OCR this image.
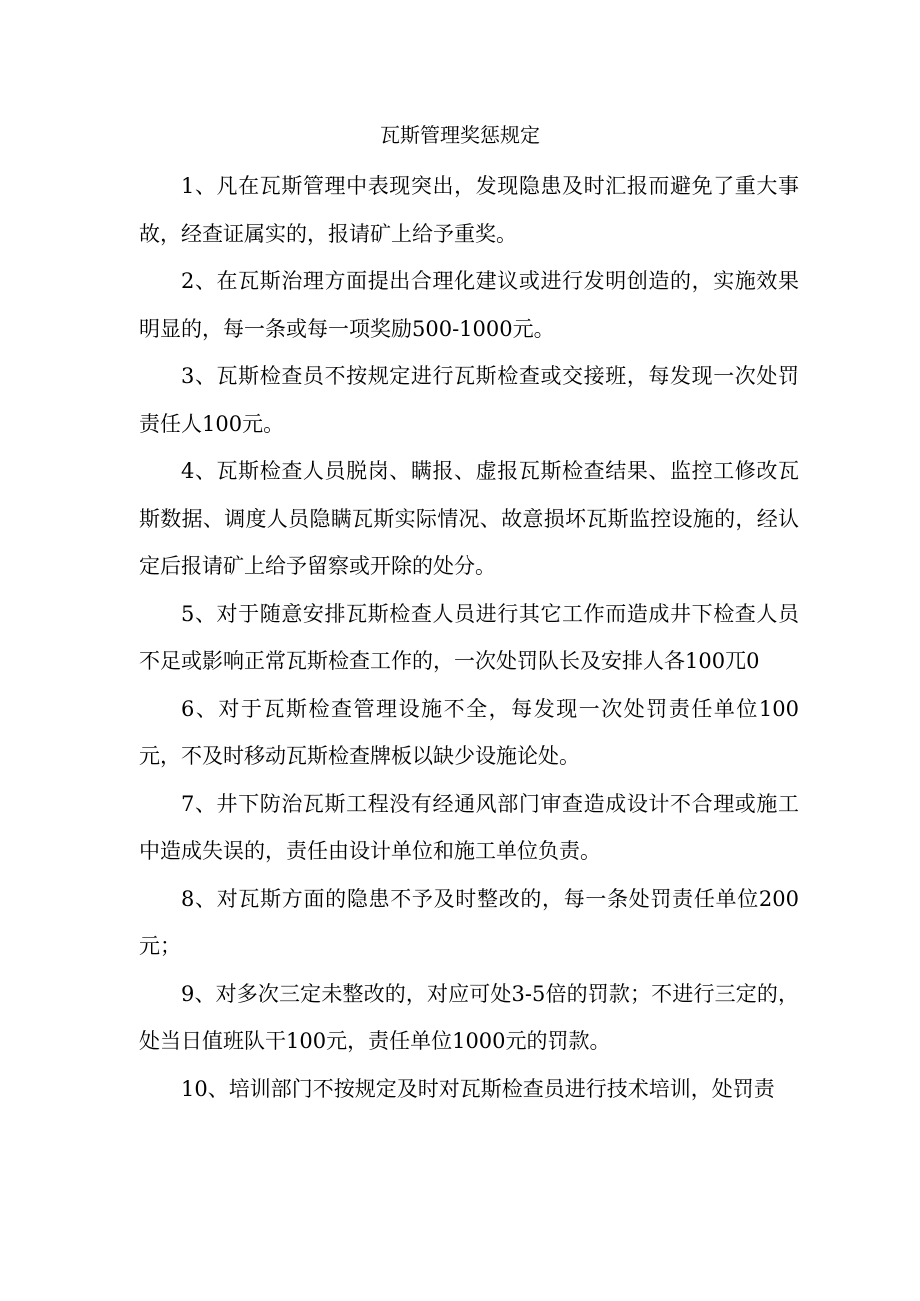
瓦斯管理奖惩规定

1、凡在瓦斯管理中表现突出，发现隐患及时汇报而避免了重大事故，经查证属实的，报请矿上给予重奖。

2、在瓦斯治理方面提出合理化建议或进行发明创造的，实施效果明显的，每一条或每一项奖励500-1000元。

3、瓦斯检查员不按规定进行瓦斯检查或交接班，每发现一次处罚责任人100元。

4、瓦斯检查人员脱岗、瞒报、虚报瓦斯检查结果、监控工修改瓦斯数据、调度人员隐瞒瓦斯实际情况、故意损坏瓦斯监控设施的，经认定后报请矿上给予留察或开除的处分。

5、对于随意安排瓦斯检查人员进行其它工作而造成井下检查人员不足或影响正常瓦斯检查工作的，一次处罚队长及安排人各100兀0

6、对于瓦斯检查管理设施不全，每发现一次处罚责任单位100元，不及时移动瓦斯检查牌板以缺少设施论处。

7、井下防治瓦斯工程没有经通风部门审查造成设计不合理或施工中造成失误的，责任由设计单位和施工单位负责。

8、对瓦斯方面的隐患不予及时整改的，每一条处罚责任单位200元；

9、对多次三定未整改的，对应可处3-5倍的罚款；不进行三定的，处当日值班队干100元，责任单位1000元的罚款。

10、培训部门不按规定及时对瓦斯检查员进行技术培训，处罚责
